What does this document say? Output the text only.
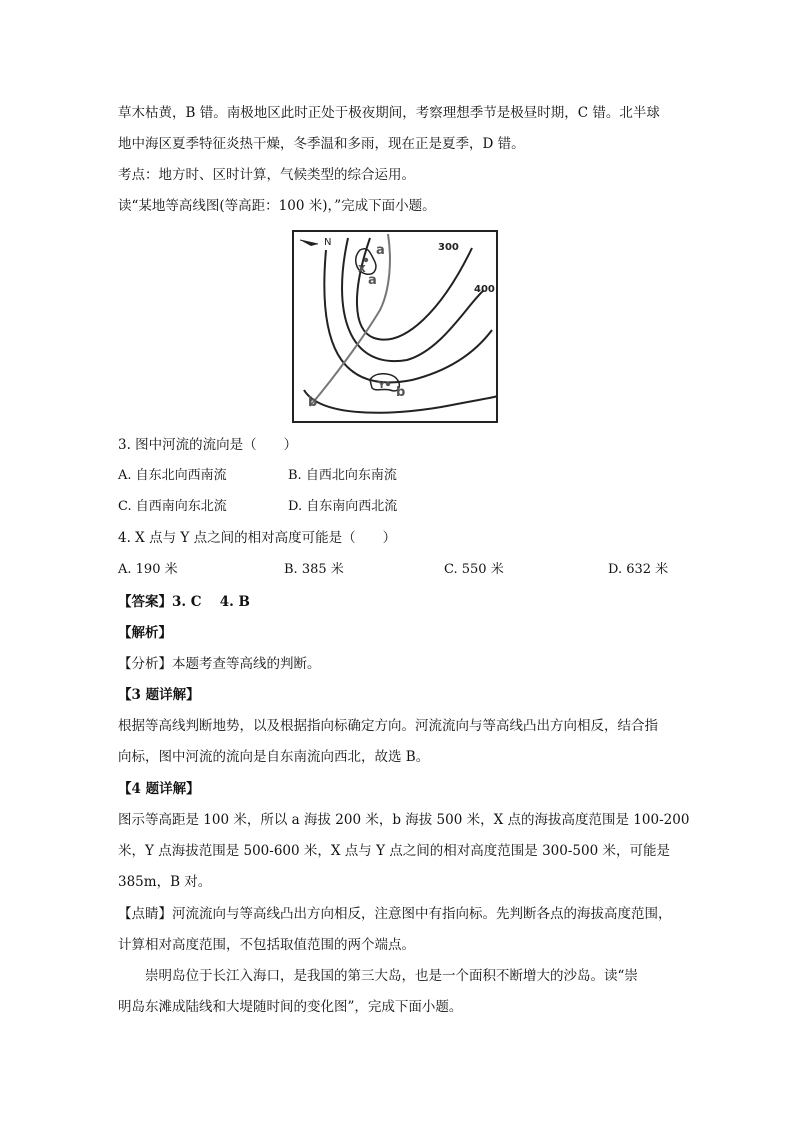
草木枯黄，B 错。南极地区此时正处于极夜期间，考察理想季节是极昼时期，C 错。北半球
地中海区夏季特征炎热干燥，冬季温和多雨，现在正是夏季，D 错。
考点：地方时、区时计算，气候类型的综合运用。
读“某地等高线图(等高距：100 米)，”完成下面小题。
N
a
a
x
Y b
b
300
400
3. 图中河流的流向是（　　）
A. 自东北向西南流	B. 自西北向东南流
C. 自西南向东北流	D. 自东南向西北流
4. X 点与 Y 点之间的相对高度可能是（　　）
A. 190 米	B. 385 米	C. 550 米	D. 632 米
【答案】3. C　 4. B
【解析】
【分析】本题考查等高线的判断。
【3 题详解】
根据等高线判断地势，以及根据指向标确定方向。河流流向与等高线凸出方向相反，结合指
向标，图中河流的流向是自东南流向西北，故选 B。
【4 题详解】
图示等高距是 100 米，所以 a 海拔 200 米，b 海拔 500 米，X 点的海拔高度范围是 100-200
米，Y 点海拔范围是 500-600 米，X 点与 Y 点之间的相对高度范围是 300-500 米，可能是
385m，B 对。
【点睛】河流流向与等高线凸出方向相反，注意图中有指向标。先判断各点的海拔高度范围，
计算相对高度范围，不包括取值范围的两个端点。
　　崇明岛位于长江入海口，是我国的第三大岛，也是一个面积不断增大的沙岛。读“崇
明岛东滩成陆线和大堤随时间的变化图”，完成下面小题。
